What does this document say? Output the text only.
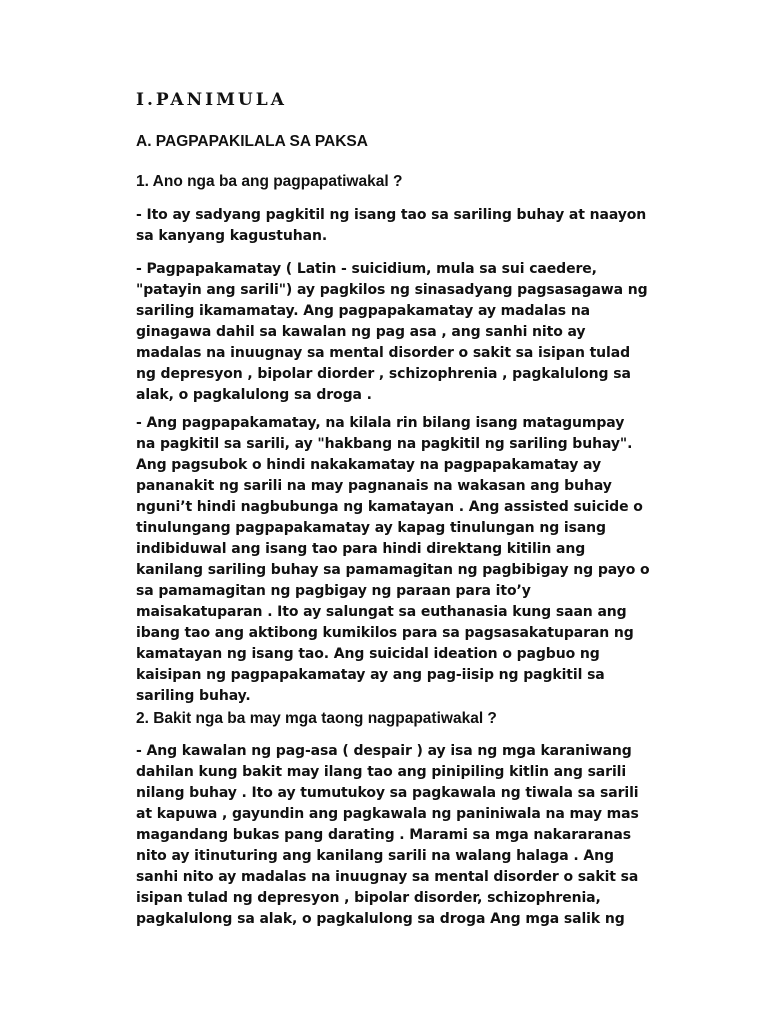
I.PANIMULA
A. PAGPAPAKILALA SA PAKSA
1. Ano nga ba ang pagpapatiwakal ?
- Ito ay sadyang pagkitil ng isang tao sa sariling buhay at naayon
sa kanyang kagustuhan.
- Pagpapakamatay ( Latin - suicidium, mula sa sui caedere,
"patayin ang sarili") ay pagkilos ng sinasadyang pagsasagawa ng
sariling ikamamatay. Ang pagpapakamatay ay madalas na
ginagawa dahil sa kawalan ng pag asa , ang sanhi nito ay
madalas na inuugnay sa mental disorder o sakit sa isipan tulad
ng depresyon , bipolar diorder , schizophrenia , pagkalulong sa
alak, o pagkalulong sa droga .
- Ang pagpapakamatay, na kilala rin bilang isang matagumpay
na pagkitil sa sarili, ay "hakbang na pagkitil ng sariling buhay".
Ang pagsubok o hindi nakakamatay na pagpapakamatay ay
pananakit ng sarili na may pagnanais na wakasan ang buhay
nguni’t hindi nagbubunga ng kamatayan . Ang assisted suicide o
tinulungang pagpapakamatay ay kapag tinulungan ng isang
indibiduwal ang isang tao para hindi direktang kitilin ang
kanilang sariling buhay sa pamamagitan ng pagbibigay ng payo o
sa pamamagitan ng pagbigay ng paraan para ito’y
maisakatuparan . Ito ay salungat sa euthanasia kung saan ang
ibang tao ang aktibong kumikilos para sa pagsasakatuparan ng
kamatayan ng isang tao. Ang suicidal ideation o pagbuo ng
kaisipan ng pagpapakamatay ay ang pag-iisip ng pagkitil sa
sariling buhay.
2. Bakit nga ba may mga taong nagpapatiwakal ?
- Ang kawalan ng pag-asa ( despair ) ay isa ng mga karaniwang
dahilan kung bakit may ilang tao ang pinipiling kitlin ang sarili
nilang buhay . Ito ay tumutukoy sa pagkawala ng tiwala sa sarili
at kapuwa , gayundin ang pagkawala ng paniniwala na may mas
magandang bukas pang darating . Marami sa mga nakararanas
nito ay itinuturing ang kanilang sarili na walang halaga . Ang
sanhi nito ay madalas na inuugnay sa mental disorder o sakit sa
isipan tulad ng depresyon , bipolar disorder, schizophrenia,
pagkalulong sa alak, o pagkalulong sa droga Ang mga salik ng
